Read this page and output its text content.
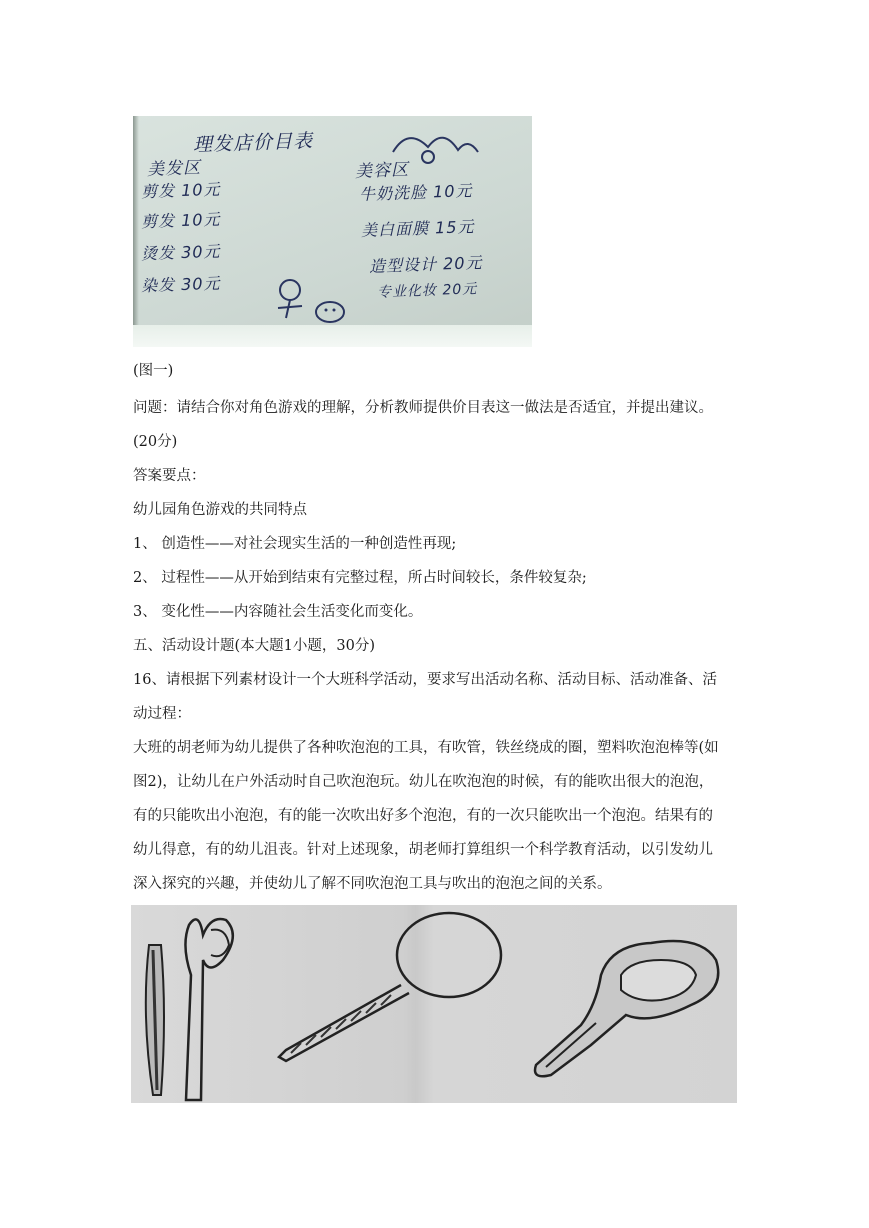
理发店价目表
美发区	美容区
剪发 10元
剪发 10元
烫发 30元
染发 30元
牛奶洗脸 10元
美白面膜 15元
造型设计 20元
专业化妆 20元
(图一)
问题：请结合你对角色游戏的理解，分析教师提供价目表这一做法是否适宜，并提出建议。
(20分)
答案要点：
幼儿园角色游戏的共同特点
1、 创造性——对社会现实生活的一种创造性再现;
2、 过程性——从开始到结束有完整过程，所占时间较长，条件较复杂;
3、 变化性——内容随社会生活变化而变化。
五、活动设计题(本大题1小题，30分)
16、请根据下列素材设计一个大班科学活动，要求写出活动名称、活动目标、活动准备、活
动过程：
大班的胡老师为幼儿提供了各种吹泡泡的工具，有吹管，铁丝绕成的圈，塑料吹泡泡棒等(如
图2)，让幼儿在户外活动时自己吹泡泡玩。幼儿在吹泡泡的时候，有的能吹出很大的泡泡，
有的只能吹出小泡泡，有的能一次吹出好多个泡泡，有的一次只能吹出一个泡泡。结果有的
幼儿得意，有的幼儿沮丧。针对上述现象，胡老师打算组织一个科学教育活动，以引发幼儿
深入探究的兴趣，并使幼儿了解不同吹泡泡工具与吹出的泡泡之间的关系。
